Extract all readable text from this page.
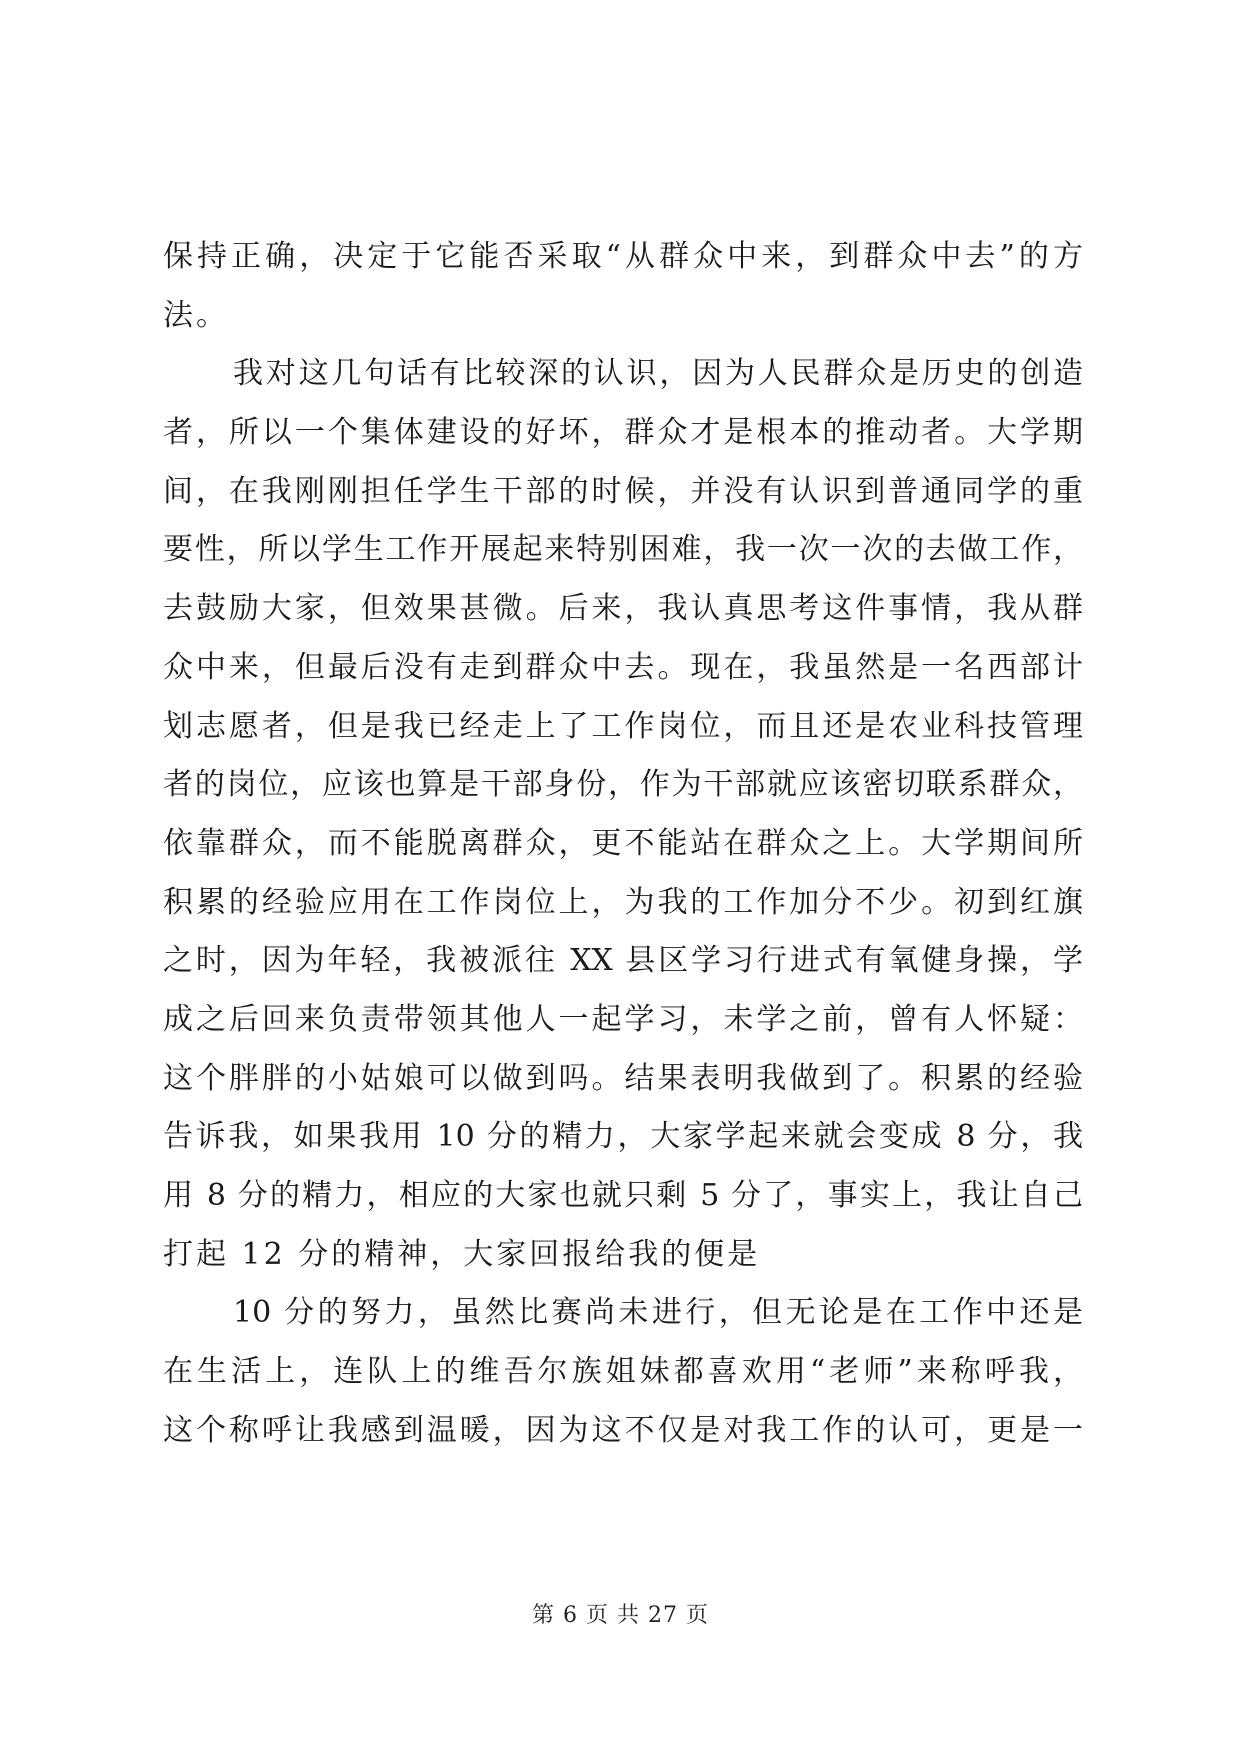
保持正确，决定于它能否采取“从群众中来，到群众中去”的方
法。
我对这几句话有比较深的认识，因为人民群众是历史的创造
者，所以一个集体建设的好坏，群众才是根本的推动者。大学期
间，在我刚刚担任学生干部的时候，并没有认识到普通同学的重
要性，所以学生工作开展起来特别困难，我一次一次的去做工作，
去鼓励大家，但效果甚微。后来，我认真思考这件事情，我从群
众中来，但最后没有走到群众中去。现在，我虽然是一名西部计
划志愿者，但是我已经走上了工作岗位，而且还是农业科技管理
者的岗位，应该也算是干部身份，作为干部就应该密切联系群众，
依靠群众，而不能脱离群众，更不能站在群众之上。大学期间所
积累的经验应用在工作岗位上，为我的工作加分不少。初到红旗
之时，因为年轻，我被派往 XX 县区学习行进式有氧健身操，学
成之后回来负责带领其他人一起学习，未学之前，曾有人怀疑：
这个胖胖的小姑娘可以做到吗。结果表明我做到了。积累的经验
告诉我，如果我用 10 分的精力，大家学起来就会变成 8 分，我
用 8 分的精力，相应的大家也就只剩 5 分了，事实上，我让自己
打起 12 分的精神，大家回报给我的便是
10 分的努力，虽然比赛尚未进行，但无论是在工作中还是
在生活上，连队上的维吾尔族姐妹都喜欢用“老师”来称呼我，
这个称呼让我感到温暖，因为这不仅是对我工作的认可，更是一
第 6 页 共 27 页
